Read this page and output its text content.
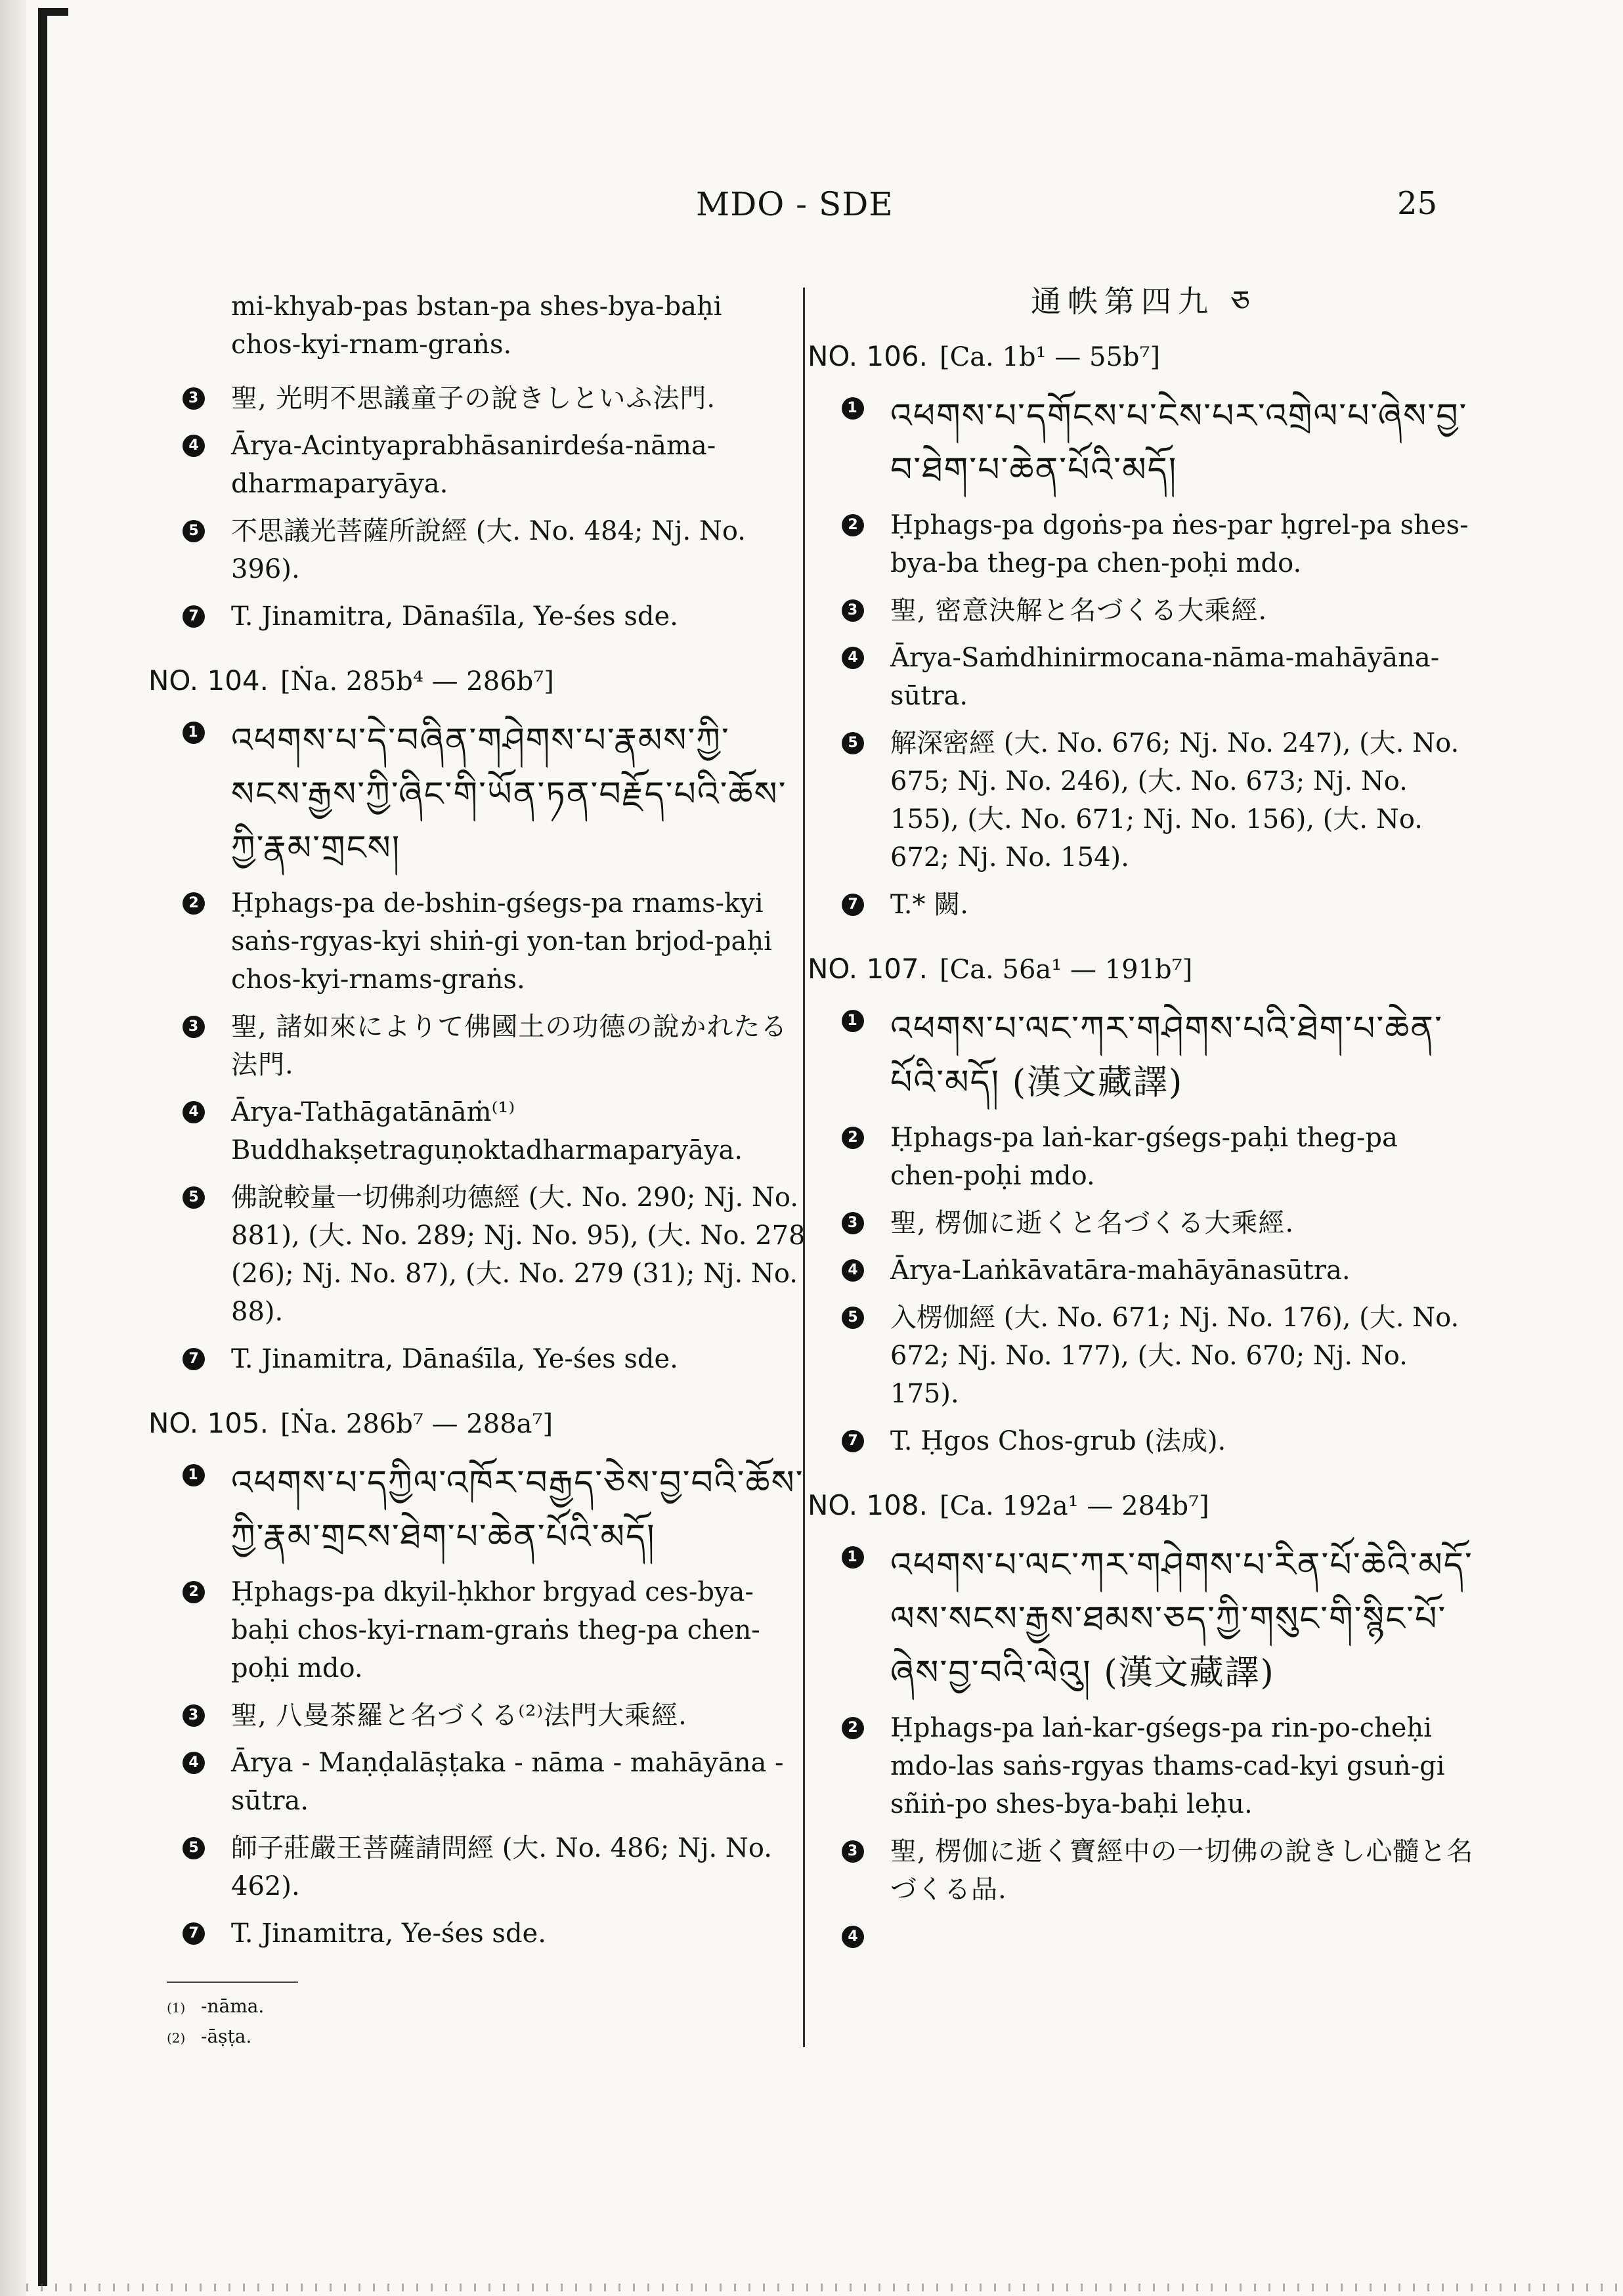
MDO - SDE	25
mi-khyab-pas bstan-pa shes-bya-baḥi
chos-kyi-rnam-graṅs.
3 聖, 光明不思議童子の說きしといふ法門.
4 Ārya-Acintyaprabhāsanirdeśa-nāma-dharmaparyāya.
5 不思議光菩薩所說經 (大. No. 484; Nj. No. 396).
7 T. Jinamitra, Dānaśīla, Ye-śes sde.
NO. 104. [Ṅa. 285b⁴ — 286b⁷]
1 འཕགས་པ་དེ་བཞིན་གཤེགས་པ་རྣམས་ཀྱི་སངས་རྒྱས་ཀྱི་ཞིང་གི་ཡོན་ཏན་བརྗོད་པའི་ཆོས་ཀྱི་རྣམ་གྲངས།
2 Ḥphags-pa de-bshin-gśegs-pa rnams-kyi saṅs-rgyas-kyi shiṅ-gi yon-tan brjod-paḥi chos-kyi-rnams-graṅs.
3 聖, 諸如來によりて佛國土の功德の說かれたる法門.
4 Ārya-Tathāgatānāṁ⁽¹⁾ Buddhakṣetraguṇoktadharmaparyāya.
5 佛說較量一切佛刹功德經 (大. No. 290; Nj. No. 881), (大. No. 289; Nj. No. 95), (大. No. 278 (26); Nj. No. 87), (大. No. 279 (31); Nj. No. 88).
7 T. Jinamitra, Dānaśīla, Ye-śes sde.
NO. 105. [Ṅa. 286b⁷ — 288a⁷]
1 འཕགས་པ་དཀྱིལ་འཁོར་བརྒྱད་ཅེས་བྱ་བའི་ཆོས་ཀྱི་རྣམ་གྲངས་ཐེག་པ་ཆེན་པོའི་མདོ།
2 Ḥphags-pa dkyil-ḥkhor brgyad ces-bya-baḥi chos-kyi-rnam-graṅs theg-pa chen-poḥi mdo.
3 聖, 八曼茶羅と名づくる⁽²⁾法門大乘經.
4 Ārya - Maṇḍalāṣṭaka - nāma - mahāyāna - sūtra.
5 師子莊嚴王菩薩請問經 (大. No. 486; Nj. No. 462).
7 T. Jinamitra, Ye-śes sde.
(1) -nāma.
(2) -āṣṭa.
通帙第四九 ཅ
NO. 106. [Ca. 1b¹ — 55b⁷]
1 འཕགས་པ་དགོངས་པ་ངེས་པར་འགྲེལ་པ་ཞེས་བྱ་བ་ཐེག་པ་ཆེན་པོའི་མདོ།
2 Ḥphags-pa dgoṅs-pa ṅes-par ḥgrel-pa shes-bya-ba theg-pa chen-poḥi mdo.
3 聖, 密意決解と名づくる大乘經.
4 Ārya-Saṁdhinirmocana-nāma-mahāyāna-sūtra.
5 解深密經 (大. No. 676; Nj. No. 247), (大. No. 675; Nj. No. 246), (大. No. 673; Nj. No. 155), (大. No. 671; Nj. No. 156), (大. No. 672; Nj. No. 154).
7 T.* 闕.
NO. 107. [Ca. 56a¹ — 191b⁷]
1 འཕགས་པ་ལང་ཀར་གཤེགས་པའི་ཐེག་པ་ཆེན་པོའི་མདོ། (漢文藏譯)
2 Ḥphags-pa laṅ-kar-gśegs-paḥi theg-pa chen-poḥi mdo.
3 聖, 楞伽に逝くと名づくる大乘經.
4 Ārya-Laṅkāvatāra-mahāyānasūtra.
5 入楞伽經 (大. No. 671; Nj. No. 176), (大. No. 672; Nj. No. 177), (大. No. 670; Nj. No. 175).
7 T. Ḥgos Chos-grub (法成).
NO. 108. [Ca. 192a¹ — 284b⁷]
1 འཕགས་པ་ལང་ཀར་གཤེགས་པ་རིན་པོ་ཆེའི་མདོ་ལས་སངས་རྒྱས་ཐམས་ཅད་ཀྱི་གསུང་གི་སྙིང་པོ་ཞེས་བྱ་བའི་ལེའུ། (漢文藏譯)
2 Ḥphags-pa laṅ-kar-gśegs-pa rin-po-cheḥi mdo-las saṅs-rgyas thams-cad-kyi gsuṅ-gi sñiṅ-po shes-bya-baḥi leḥu.
3 聖, 楞伽に逝く寶經中の一切佛の說きし心髓と名づくる品.
4
